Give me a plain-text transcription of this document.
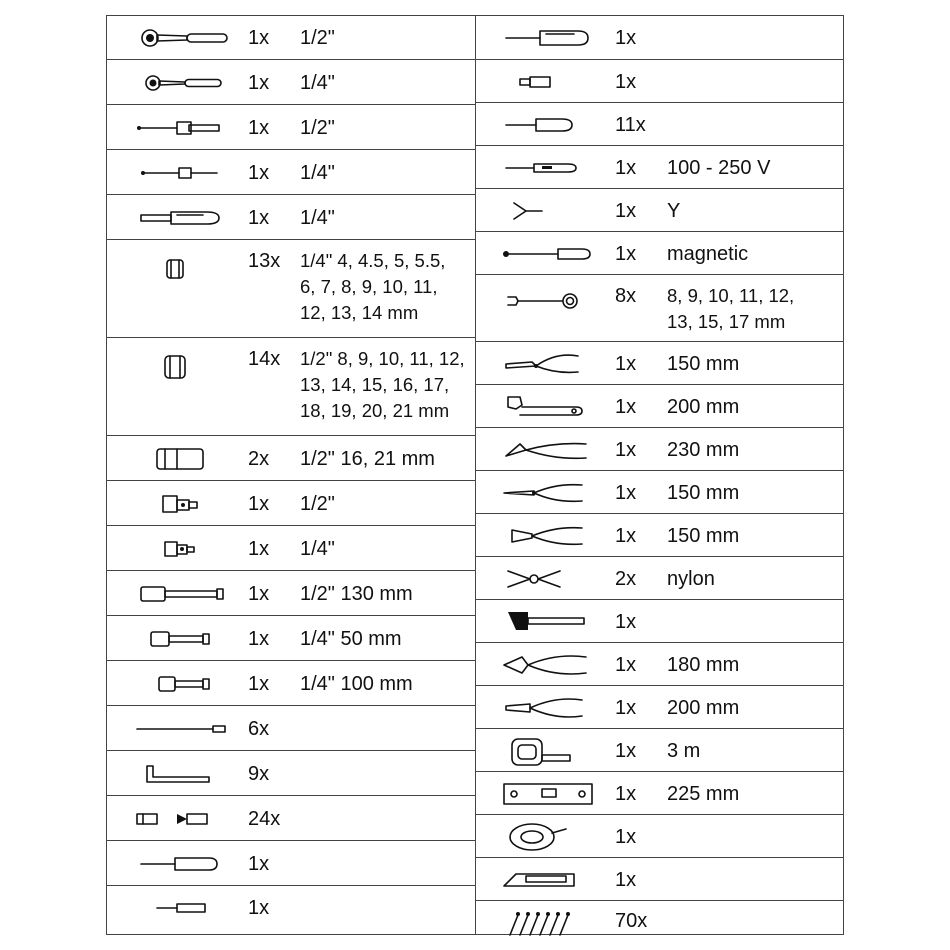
1x 1/2"
1x 1/4"
1x 1/2"
1x 1/4"
1x 1/4"
13x 1/4" 4, 4.5, 5, 5.5,
6, 7, 8, 9, 10, 11,
12, 13, 14 mm
14x 1/2" 8, 9, 10, 11, 12,
13, 14, 15, 16, 17,
18, 19, 20, 21 mm
2x 1/2" 16, 21 mm
1x 1/2"
1x 1/4"
1x 1/2" 130 mm
1x 1/4" 50 mm
1x 1/4" 100 mm
6x
9x
24x
1x
1x
1x
1x
11x
1x 100 - 250 V
1x Y
1x magnetic
8x 8, 9, 10, 11, 12,
13, 15, 17 mm
1x 150 mm
1x 200 mm
1x 230 mm
1x 150 mm
1x 150 mm
2x nylon
1x
1x 180 mm
1x 200 mm
1x 3 m
1x 225 mm
1x
1x
70x
